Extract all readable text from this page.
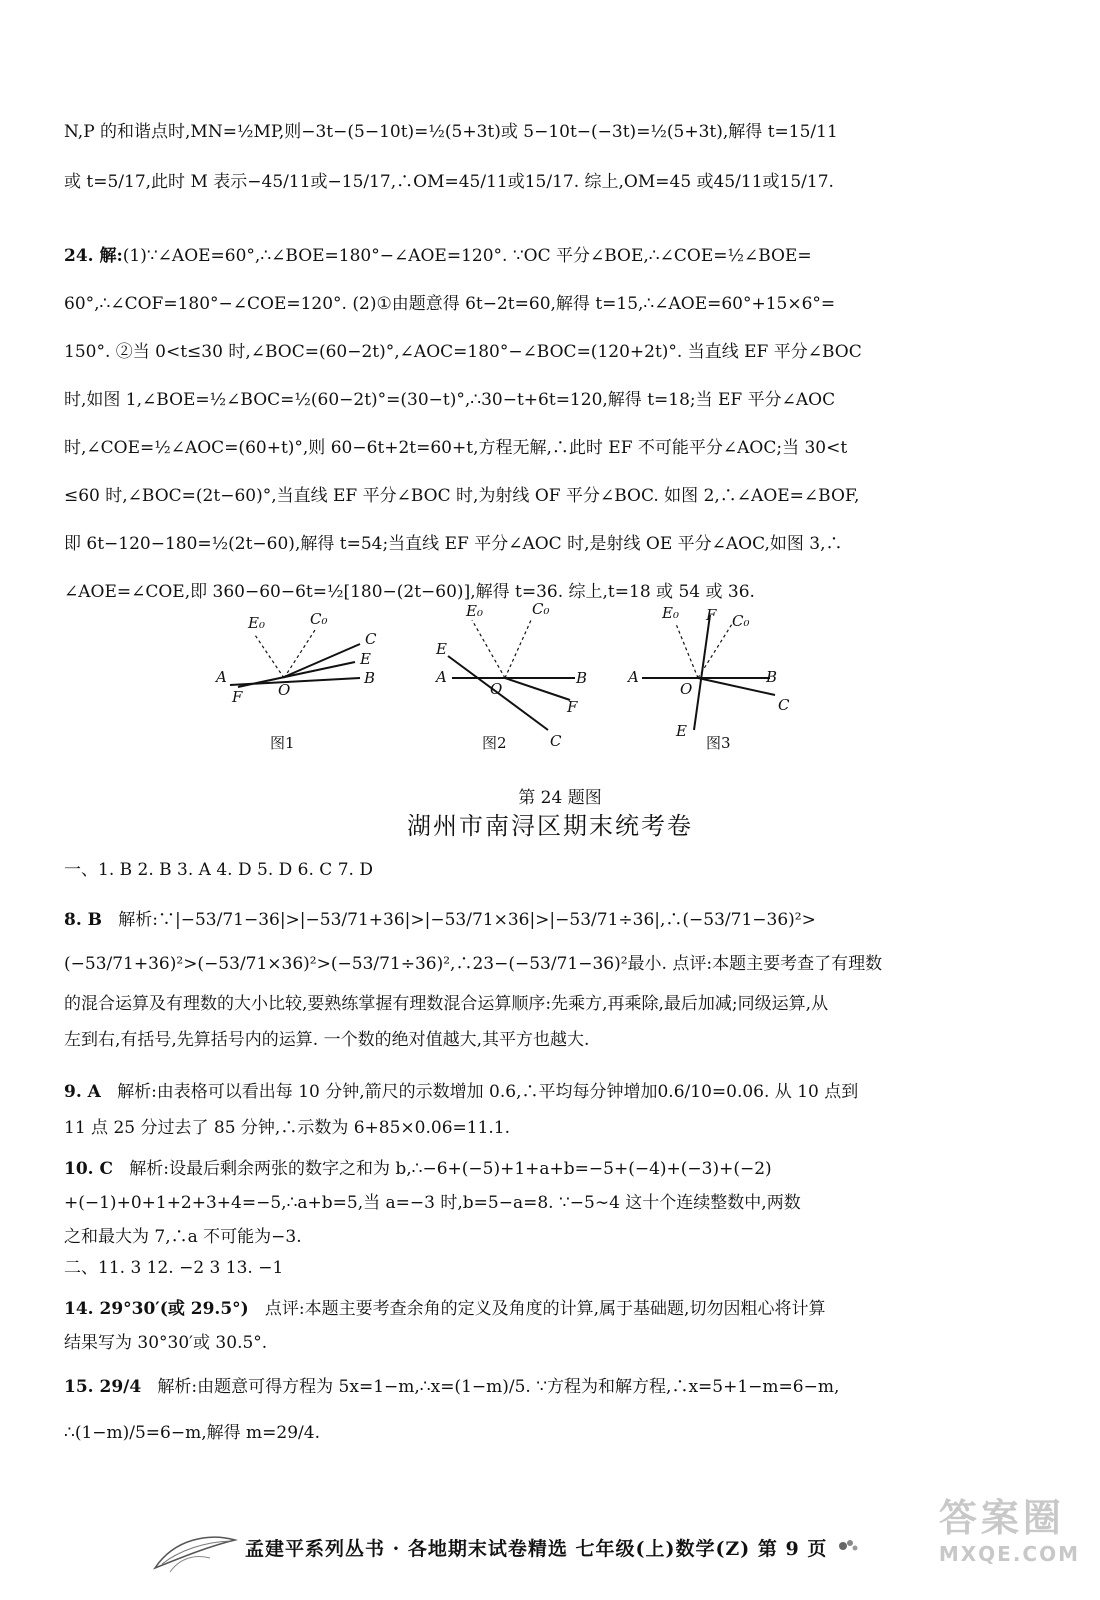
N,P 的和谐点时,MN=½MP,则−3t−(5−10t)=½(5+3t)或 5−10t−(−3t)=½(5+3t),解得 t=15/11

或 t=5/17,此时 M 表示−45/11或−15/17,∴OM=45/11或15/17. 综上,OM=45 或45/11或15/17.

24. 解:(1)∵∠AOE=60°,∴∠BOE=180°−∠AOE=120°. ∵OC 平分∠BOE,∴∠COE=½∠BOE=

60°,∴∠COF=180°−∠COE=120°. (2)①由题意得 6t−2t=60,解得 t=15,∴∠AOE=60°+15×6°=

150°. ②当 0<t≤30 时,∠BOC=(60−2t)°,∠AOC=180°−∠BOC=(120+2t)°. 当直线 EF 平分∠BOC

时,如图 1,∠BOE=½∠BOC=½(60−2t)°=(30−t)°,∴30−t+6t=120,解得 t=18;当 EF 平分∠AOC

时,∠COE=½∠AOC=(60+t)°,则 60−6t+2t=60+t,方程无解,∴此时 EF 不可能平分∠AOC;当 30<t

≤60 时,∠BOC=(2t−60)°,当直线 EF 平分∠BOC 时,为射线 OF 平分∠BOC. 如图 2,∴∠AOE=∠BOF,

即 6t−120−180=½(2t−60),解得 t=54;当直线 EF 平分∠AOC 时,是射线 OE 平分∠AOC,如图 3,∴

∠AOE=∠COE,即 360−60−6t=½[180−(2t−60)],解得 t=36. 综上,t=18 或 54 或 36.

A
O
B
C
E
F
E₀	C₀
图1
A
O
B
C
E
F
E₀	C₀
图2
A
O
B
C
E
F
E₀	C₀
图3
第 24 题图
湖州市南浔区期末统考卷

一、1. B 2. B 3. A 4. D 5. D 6. C 7. D

8. B 解析:∵|−53/71−36|>|−53/71+36|>|−53/71×36|>|−53/71÷36|,∴(−53/71−36)²>

(−53/71+36)²>(−53/71×36)²>(−53/71÷36)²,∴23−(−53/71−36)²最小. 点评:本题主要考查了有理数

的混合运算及有理数的大小比较,要熟练掌握有理数混合运算顺序:先乘方,再乘除,最后加减;同级运算,从

左到右,有括号,先算括号内的运算. 一个数的绝对值越大,其平方也越大.

9. A 解析:由表格可以看出每 10 分钟,箭尺的示数增加 0.6,∴平均每分钟增加0.6/10=0.06. 从 10 点到

11 点 25 分过去了 85 分钟,∴示数为 6+85×0.06=11.1.

10. C 解析:设最后剩余两张的数字之和为 b,∴−6+(−5)+1+a+b=−5+(−4)+(−3)+(−2)

+(−1)+0+1+2+3+4=−5,∴a+b=5,当 a=−3 时,b=5−a=8. ∵−5∼4 这十个连续整数中,两数

之和最大为 7,∴a 不可能为−3.

二、11. 3 12. −2 3 13. −1

14. 29°30′(或 29.5°) 点评:本题主要考查余角的定义及角度的计算,属于基础题,切勿因粗心将计算

结果写为 30°30′或 30.5°.

15. 29/4 解析:由题意可得方程为 5x=1−m,∴x=(1−m)/5. ∵方程为和解方程,∴x=5+1−m=6−m,

∴(1−m)/5=6−m,解得 m=29/4.

孟建平系列丛书 · 各地期末试卷精选 七年级(上)数学(Z) 第 9 页
答案圈
MXQE.COM
